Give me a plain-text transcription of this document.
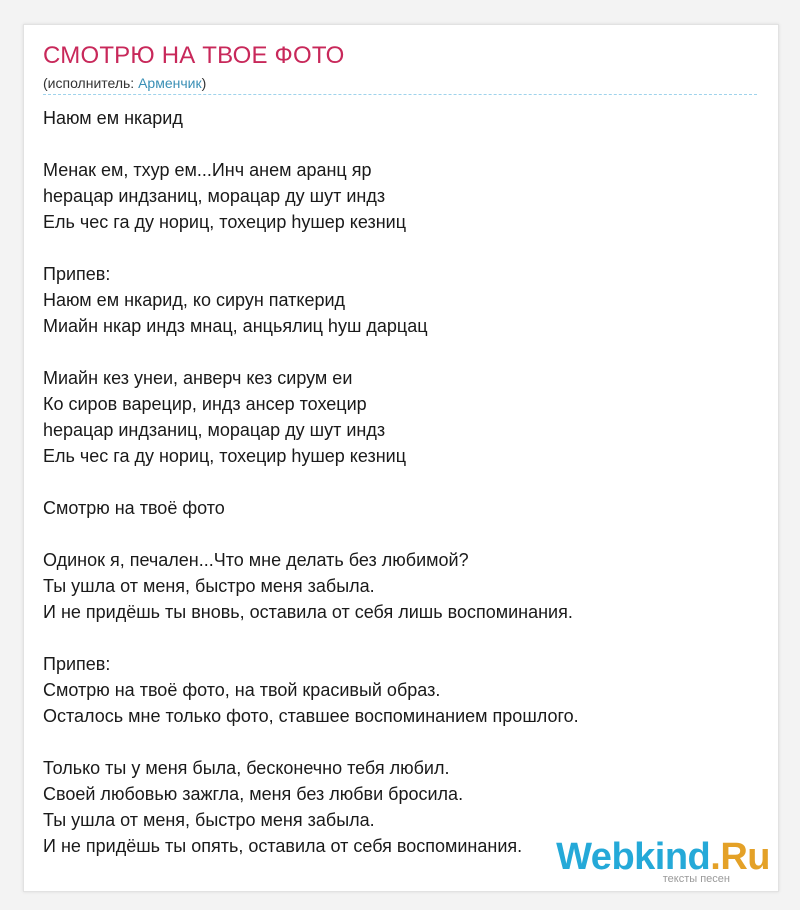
СМОТРЮ НА ТВОЕ ФОТО
(исполнитель: Арменчик)
Наюм ем нкарид
Менак ем, тхур ем...Инч анем аранц яр
hерацар индзаниц, морацар ду шут индз
Ель чес га ду нориц, тохецир hушер кезниц
Припев:
Наюм ем нкарид, ко сирун паткерид
Миайн нкар индз мнац, анцьялиц hуш дарцац
Миайн кез унеи, анверч кез сирум еи
Ко сиров варецир, индз ансер тохецир
hерацар индзаниц, морацар ду шут индз
Ель чес га ду нориц, тохецир hушер кезниц
Смотрю на твоё фото
Одинок я, печален...Что мне делать без любимой?
Ты ушла от меня, быстро меня забыла.
И не придёшь ты вновь, оставила от себя лишь воспоминания.
Припев:
Смотрю на твоё фото, на твой красивый образ.
Осталось мне только фото, ставшее воспоминанием прошлого.
Только ты у меня была, бесконечно тебя любил.
Своей любовью зажгла, меня без любви бросила.
Ты ушла от меня, быстро меня забыла.
И не придёшь ты опять, оставила от себя воспоминания. Webkind.Ru
тексты песен
